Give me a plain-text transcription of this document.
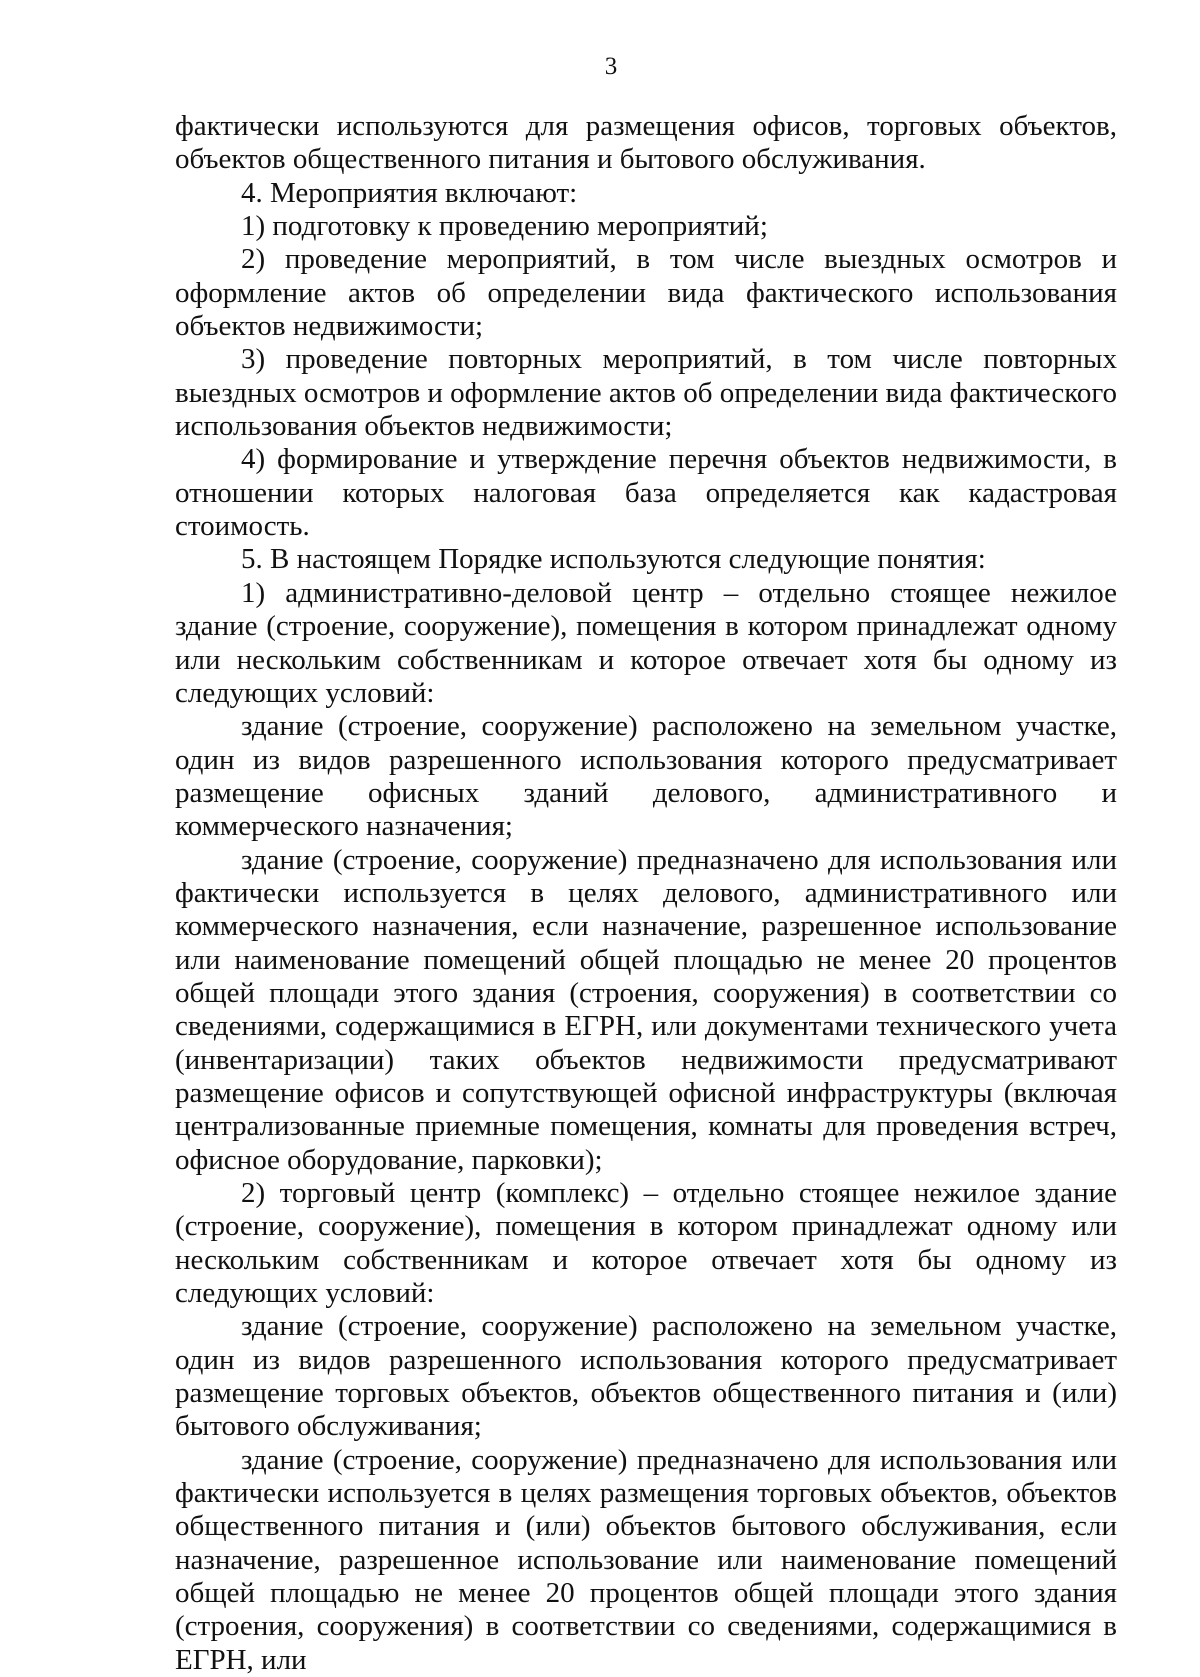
3

фактически используются для размещения офисов, торговых объектов, объектов общественного питания и бытового обслуживания.

4. Мероприятия включают:

1) подготовку к проведению мероприятий;

2) проведение мероприятий, в том числе выездных осмотров и оформление актов об определении вида фактического использования объектов недвижимости;

3) проведение повторных мероприятий, в том числе повторных выездных осмотров и оформление актов об определении вида фактического использования объектов недвижимости;

4) формирование и утверждение перечня объектов недвижимости, в отношении которых налоговая база определяется как кадастровая стоимость.

5. В настоящем Порядке используются следующие понятия:

1) административно-деловой центр – отдельно стоящее нежилое здание (строение, сооружение), помещения в котором принадлежат одному или нескольким собственникам и которое отвечает хотя бы одному из следующих условий:

здание (строение, сооружение) расположено на земельном участке, один из видов разрешенного использования которого предусматривает размещение офисных зданий делового, административного и коммерческого назначения;

здание (строение, сооружение) предназначено для использования или фактически используется в целях делового, административного или коммерческого назначения, если назначение, разрешенное использование или наименование помещений общей площадью не менее 20 процентов общей площади этого здания (строения, сооружения) в соответствии со сведениями, содержащимися в ЕГРН, или документами технического учета (инвентаризации) таких объектов недвижимости предусматривают размещение офисов и сопутствующей офисной инфраструктуры (включая централизованные приемные помещения, комнаты для проведения встреч, офисное оборудование, парковки);

2) торговый центр (комплекс) – отдельно стоящее нежилое здание (строение, сооружение), помещения в котором принадлежат одному или нескольким собственникам и которое отвечает хотя бы одному из следующих условий:

здание (строение, сооружение) расположено на земельном участке, один из видов разрешенного использования которого предусматривает размещение торговых объектов, объектов общественного питания и (или) бытового обслуживания;

здание (строение, сооружение) предназначено для использования или фактически используется в целях размещения торговых объектов, объектов общественного питания и (или) объектов бытового обслуживания, если назначение, разрешенное использование или наименование помещений общей площадью не менее 20 процентов общей площади этого здания (строения, сооружения) в соответствии со сведениями, содержащимися в ЕГРН, или
